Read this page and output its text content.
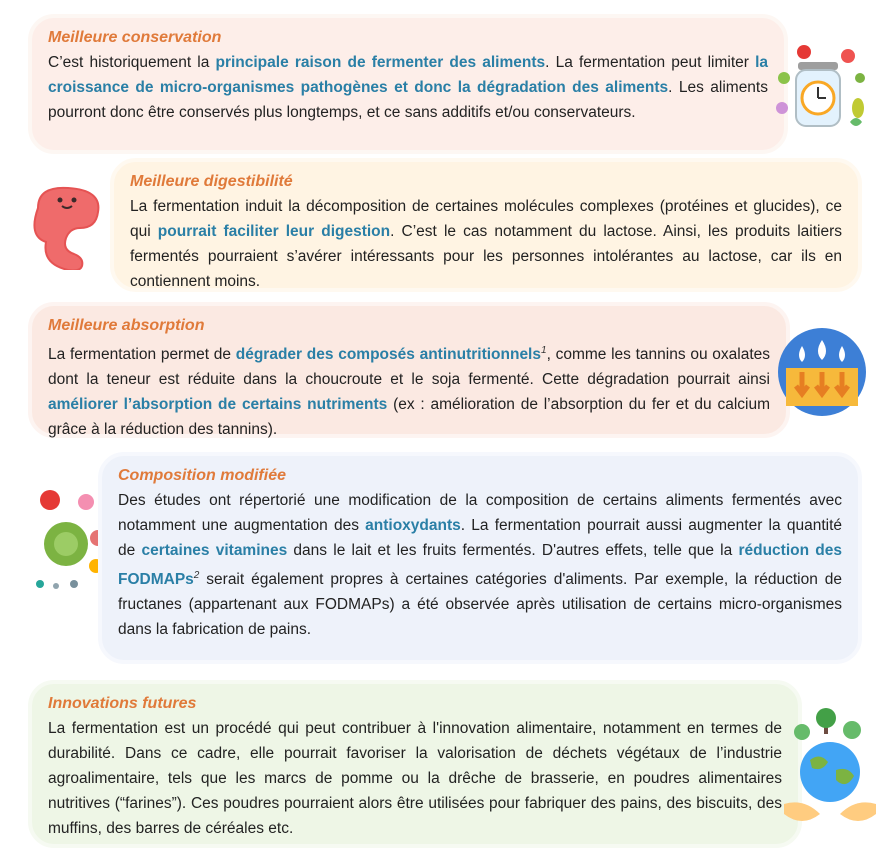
Meilleure conservation
C’est historiquement la principale raison de fermenter des aliments. La fermentation peut limiter la croissance de micro-organismes pathogènes et donc la dégradation des aliments. Les aliments pourront donc être conservés plus longtemps, et ce sans additifs et/ou conservateurs.
Meilleure digestibilité
La fermentation induit la décomposition de certaines molécules complexes (protéines et glucides), ce qui pourrait faciliter leur digestion. C’est le cas notamment du lactose. Ainsi, les produits laitiers fermentés pourraient s’avérer intéressants pour les personnes intolérantes au lactose, car ils en contiennent moins.
Meilleure absorption
La fermentation permet de dégrader des composés antinutritionnels$^1$, comme les tannins ou oxalates dont la teneur est réduite dans la choucroute et le soja fermenté. Cette dégradation pourrait ainsi améliorer l’absorption de certains nutriments (ex : amélioration de l’absorption du fer et du calcium grâce à la réduction des tannins).
Composition modifiée
Des études ont répertorié une modification de la composition de certains aliments fermentés avec notamment une augmentation des antioxydants. La fermentation pourrait aussi augmenter la quantité de certaines vitamines dans le lait et les fruits fermentés. D'autres effets, telle que la réduction des FODMAPs$^2$ serait également propres à certaines catégories d'aliments. Par exemple, la réduction de fructanes (appartenant aux FODMAPs) a été observée après utilisation de certains micro-organismes dans la fabrication de pains.
Innovations futures
La fermentation est un procédé qui peut contribuer à l'innovation alimentaire, notamment en termes de durabilité. Dans ce cadre, elle pourrait favoriser la valorisation de déchets végétaux de l’industrie agroalimentaire, tels que les marcs de pomme ou la drêche de brasserie, en poudres alimentaires nutritives (“farines”). Ces poudres pourraient alors être utilisées pour fabriquer des pains, des biscuits, des muffins, des barres de céréales etc.
